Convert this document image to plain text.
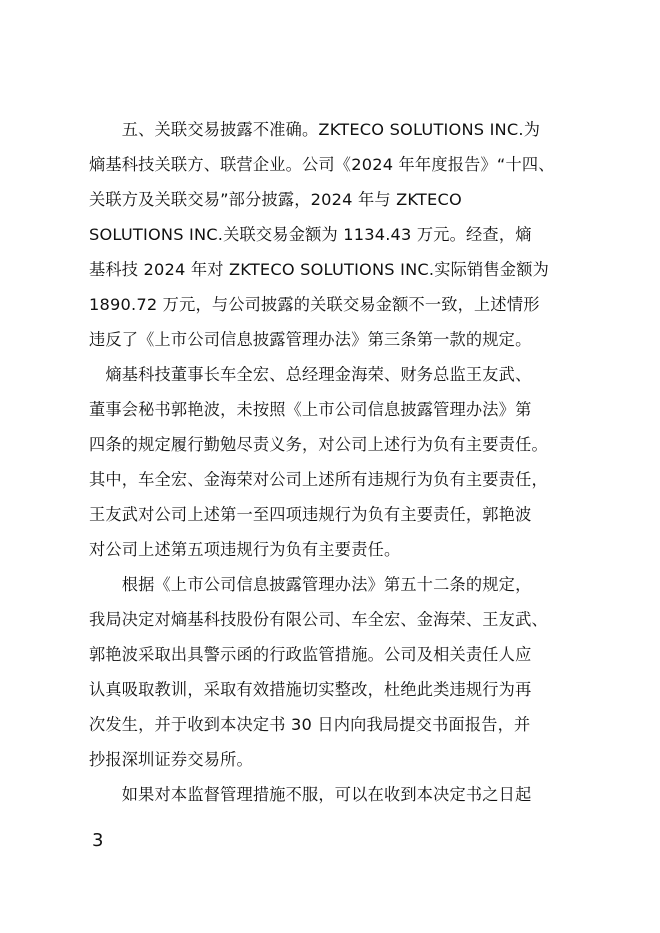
　　五、关联交易披露不准确。ZKTECO SOLUTIONS INC.为
熵基科技关联方、联营企业。公司《2024 年年度报告》“十四、
关联方及关联交易”部分披露，2024 年与 ZKTECO
SOLUTIONS INC.关联交易金额为 1134.43 万元。经查，熵
基科技 2024 年对 ZKTECO SOLUTIONS INC.实际销售金额为
1890.72 万元，与公司披露的关联交易金额不一致，上述情形
违反了《上市公司信息披露管理办法》第三条第一款的规定。
　熵基科技董事长车全宏、总经理金海荣、财务总监王友武、
董事会秘书郭艳波，未按照《上市公司信息披露管理办法》第
四条的规定履行勤勉尽责义务，对公司上述行为负有主要责任。
其中，车全宏、金海荣对公司上述所有违规行为负有主要责任，
王友武对公司上述第一至四项违规行为负有主要责任，郭艳波
对公司上述第五项违规行为负有主要责任。
　　根据《上市公司信息披露管理办法》第五十二条的规定，
我局决定对熵基科技股份有限公司、车全宏、金海荣、王友武、
郭艳波采取出具警示函的行政监管措施。公司及相关责任人应
认真吸取教训，采取有效措施切实整改，杜绝此类违规行为再
次发生，并于收到本决定书 30 日内向我局提交书面报告，并
抄报深圳证券交易所。
　　如果对本监督管理措施不服，可以在收到本决定书之日起
3
